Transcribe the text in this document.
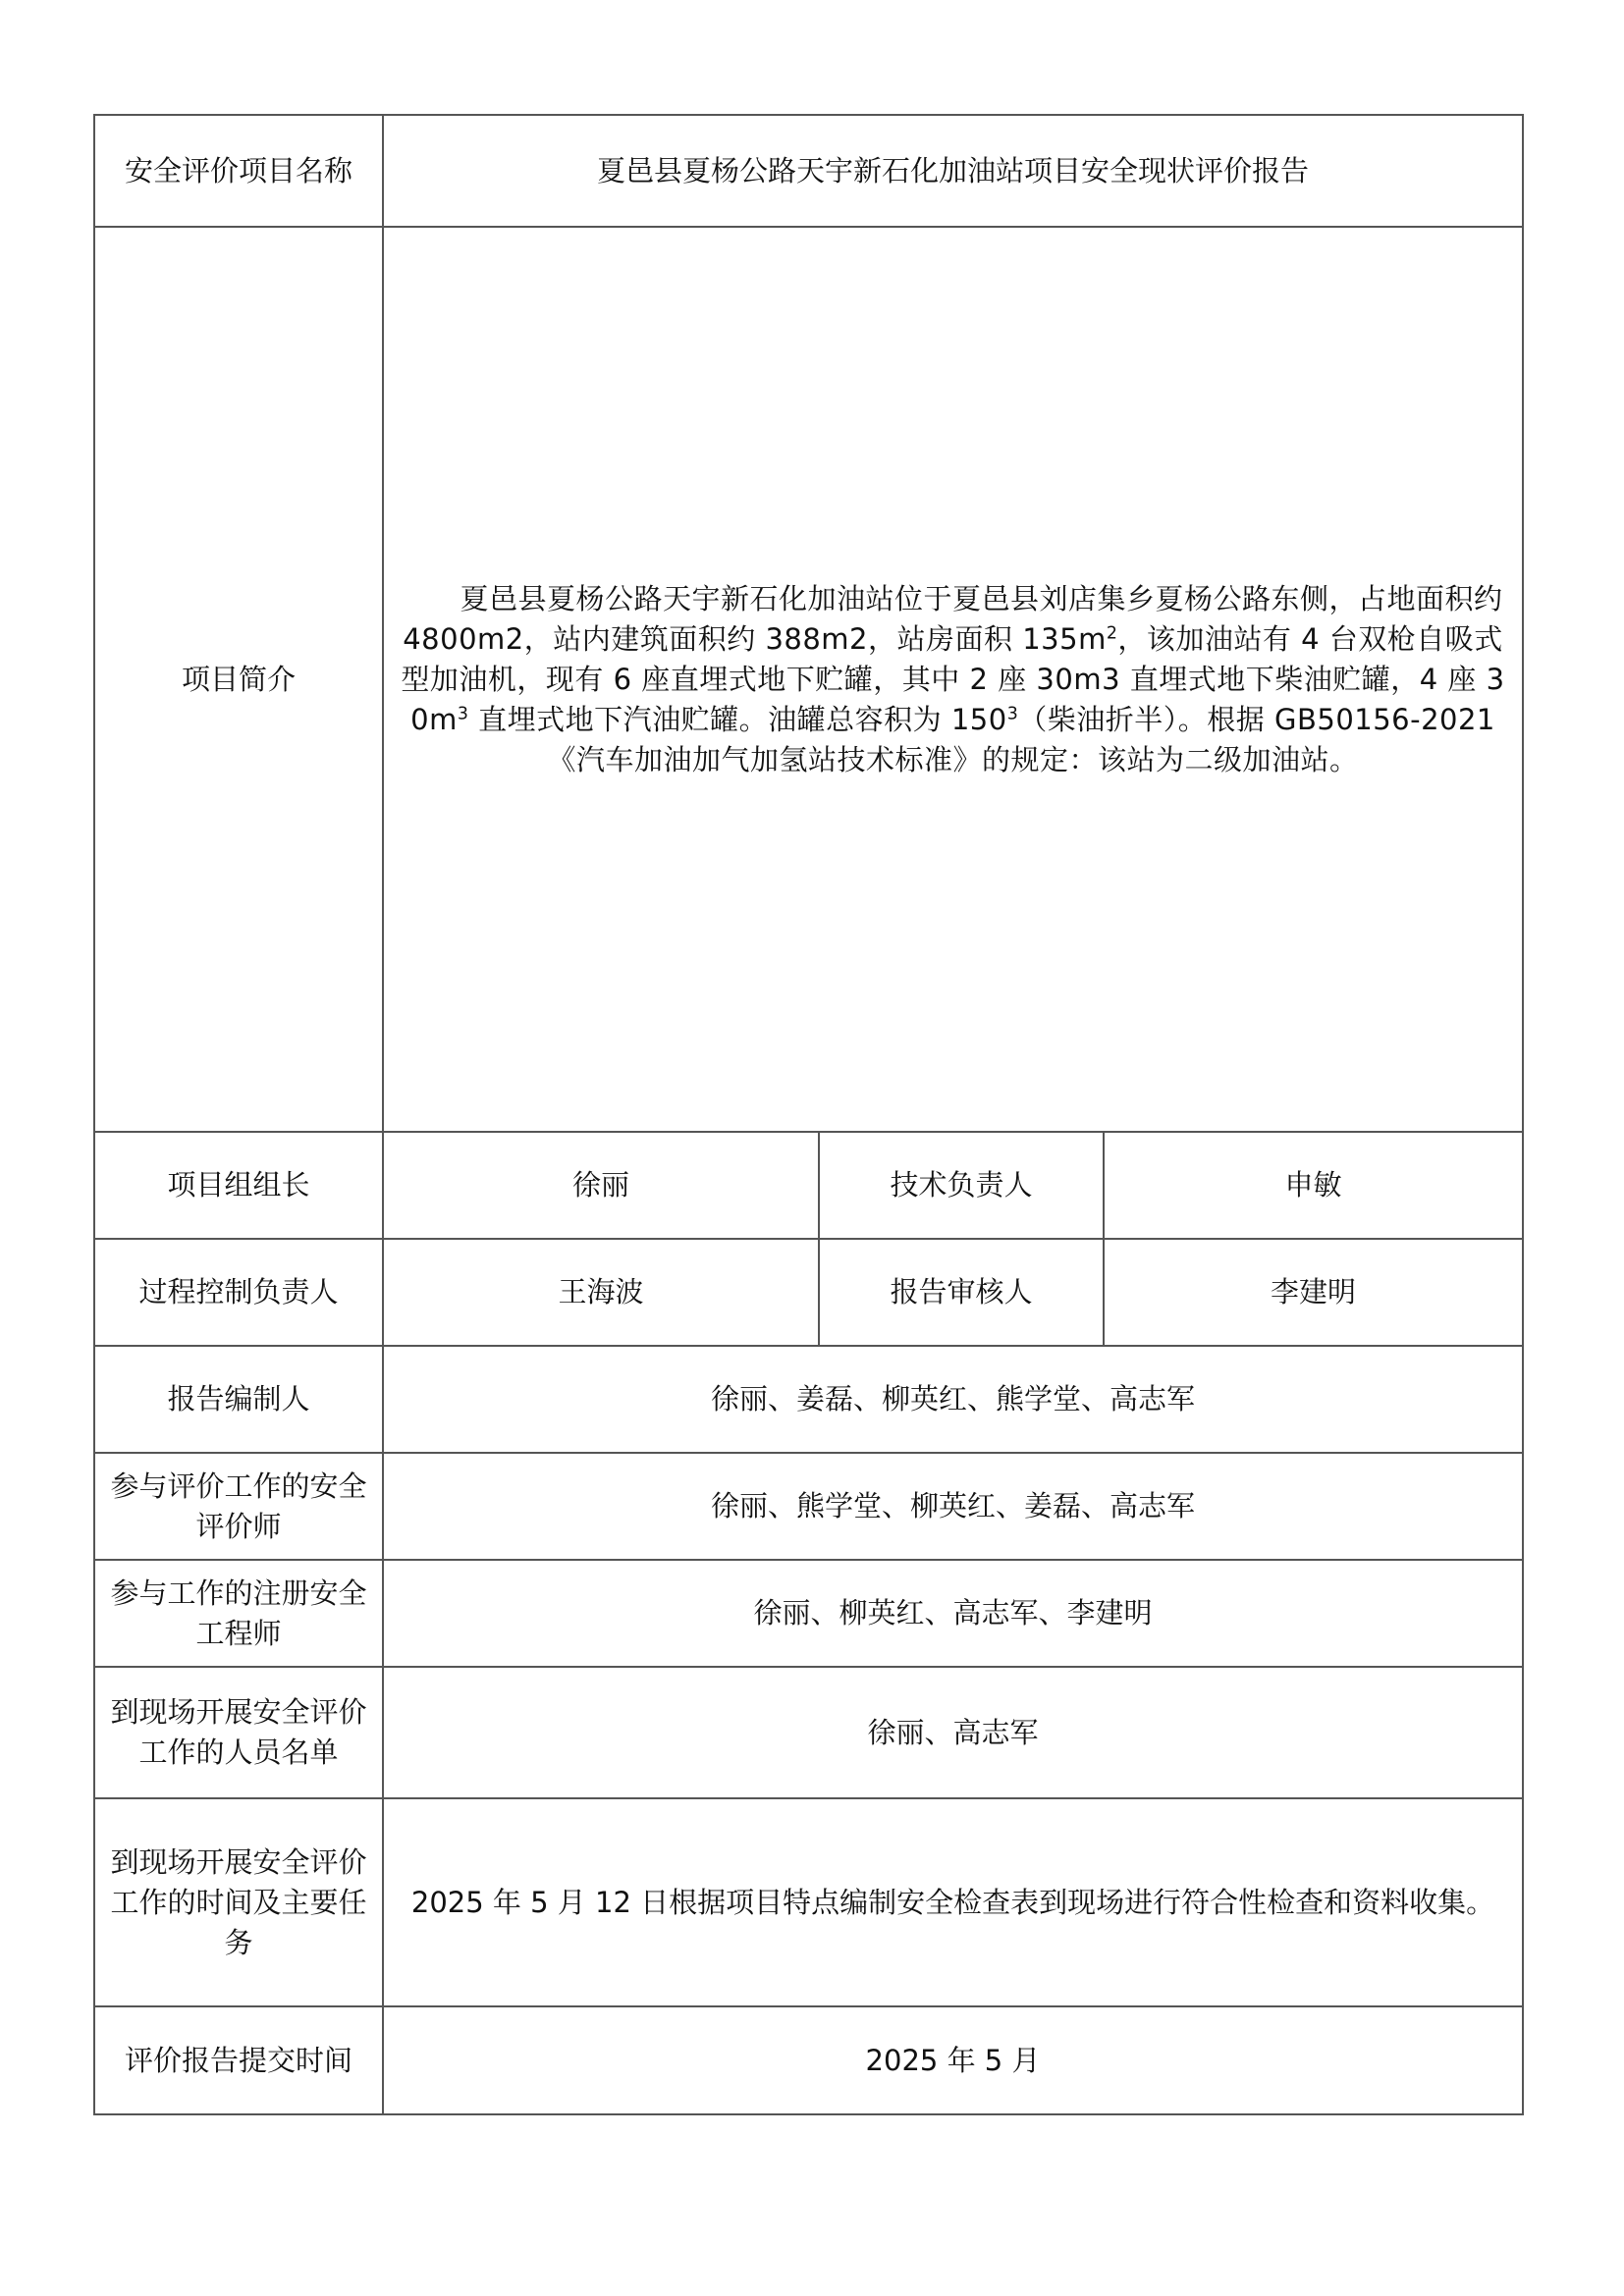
安全评价项目名称	夏邑县夏杨公路天宇新石化加油站项目安全现状评价报告		
项目简介	夏邑县夏杨公路天宇新石化加油站位于夏邑县刘店集乡夏杨公路东侧，占地面积约 4800m2，站内建筑面积约 388m2，站房面积 $135m^2$，该加油站有 4 台双枪自吸式型加油机，现有 6 座直埋式地下贮罐，其中 2 座 30m3 直埋式地下柴油贮罐，4 座 $30m^3$ 直埋式地下汽油贮罐。油罐总容积为 $150^3$（柴油折半）。根据 GB50156-2021《汽车加油加气加氢站技术标准》的规定：该站为二级加油站。		

项目组组长	徐丽	技术负责人	申敏
过程控制负责人	王海波	报告审核人	李建明
报告编制人	徐丽、姜磊、柳英红、熊学堂、高志军		
参与评价工作的安全评价师	徐丽、熊学堂、柳英红、姜磊、高志军		
参与工作的注册安全工程师	徐丽、柳英红、高志军、李建明		
到现场开展安全评价工作的人员名单	徐丽、高志军		
到现场开展安全评价工作的时间及主要任务	2025 年 5 月 12 日根据项目特点编制安全检查表到现场进行符合性检查和资料收集。		
评价报告提交时间	2025 年 5 月		
